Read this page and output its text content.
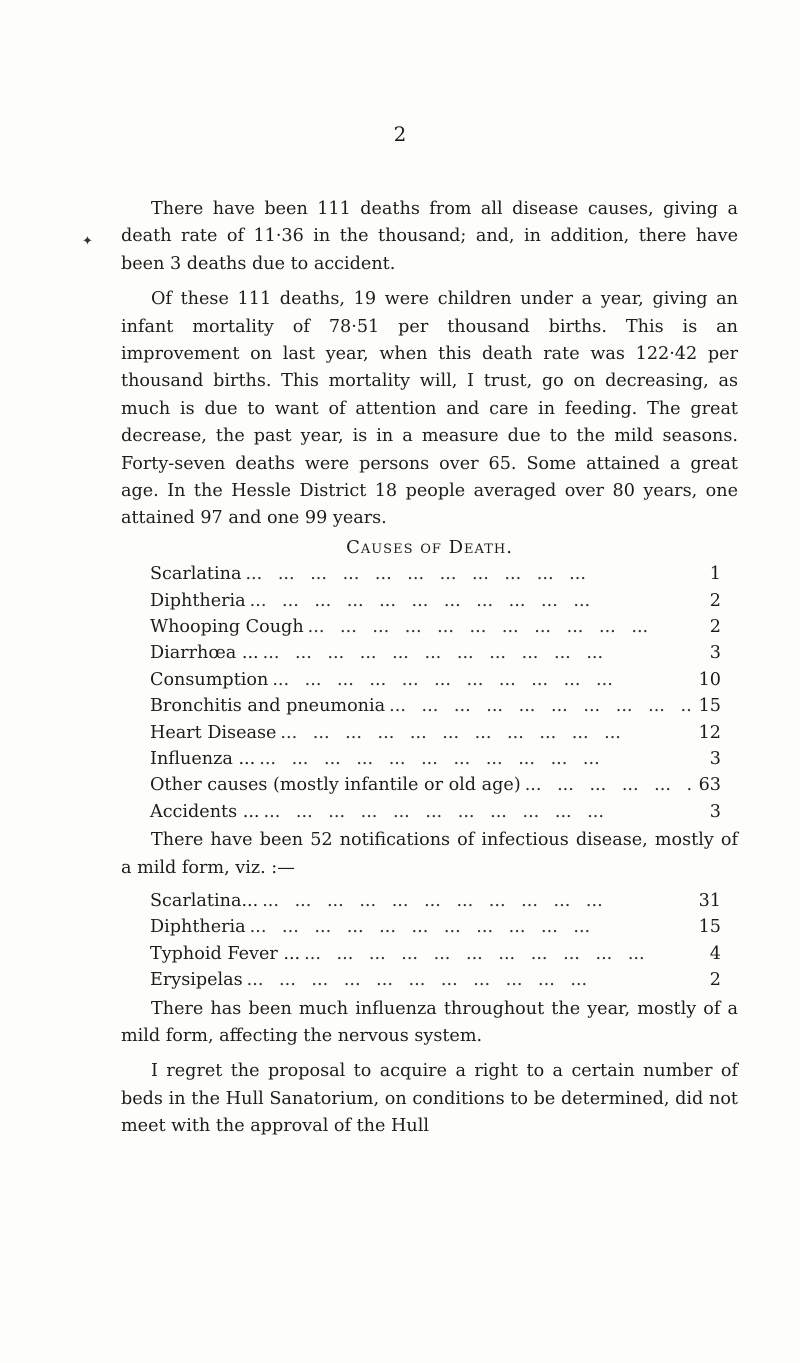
2
✦

There have been 111 deaths from all disease causes, giving a death rate of 11·36 in the thousand; and, in addition, there have been 3 deaths due to accident.

Of these 111 deaths, 19 were children under a year, giving an infant mortality of 78·51 per thousand births. This is an improvement on last year, when this death rate was 122·42 per thousand births. This mortality will, I trust, go on decreasing, as much is due to want of attention and care in feeding. The great decrease, the past year, is in a measure due to the mild seasons. Forty-seven deaths were persons over 65. Some attained a great age. In the Hessle District 18 people averaged over 80 years, one attained 97 and one 99 years.

Causes of Death.
Scarlatina ...	1
Diphtheria ...	2
Whooping Cough ...	2
Diarrhœa ... ...	3
Consumption ...	10
Bronchitis and pneumonia ...	15
Heart Disease ...	12
Influenza ... ...	3
Other causes (mostly infantile or old age) ...	63
Accidents ... ...	3

There have been 52 notifications of infectious disease, mostly of a mild form, viz. :—

Scarlatina... ...	31
Diphtheria ...	15
Typhoid Fever ... ...	4
Erysipelas ...	2

There has been much influenza throughout the year, mostly of a mild form, affecting the nervous system.

I regret the proposal to acquire a right to a certain number of beds in the Hull Sanatorium, on conditions to be determined, did not meet with the approval of the Hull
